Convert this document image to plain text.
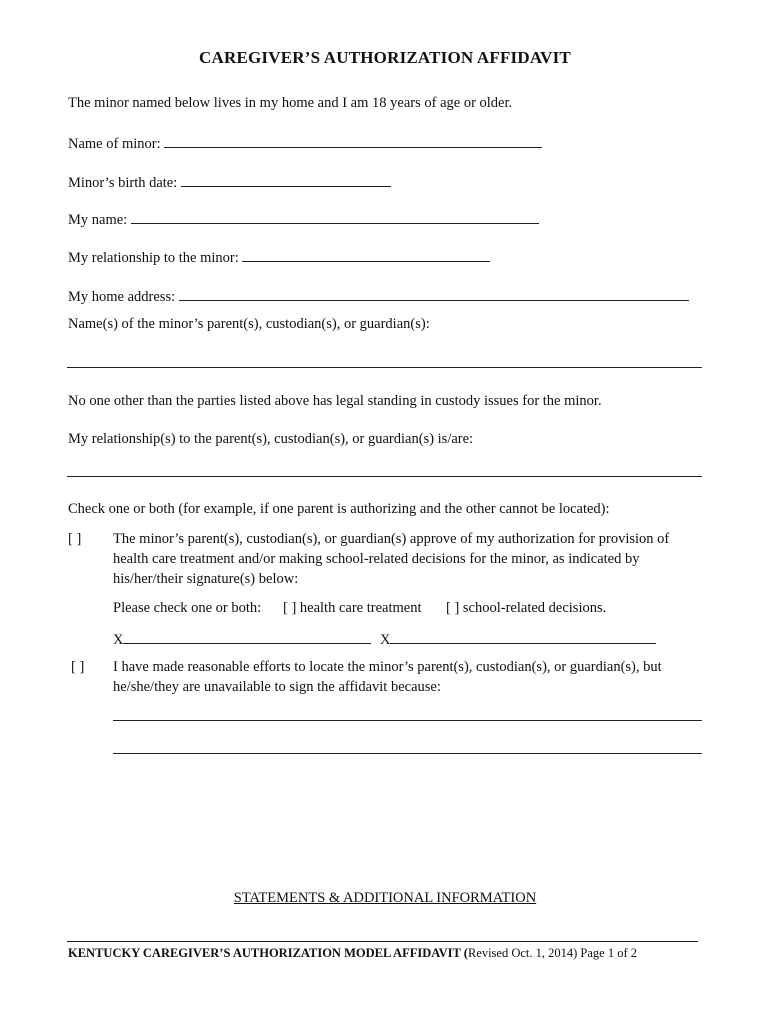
CAREGIVER’S AUTHORIZATION AFFIDAVIT
The minor named below lives in my home and I am 18 years of age or older.
Name of minor:
Minor’s birth date:
My name:
My relationship to the minor:
My home address:
Name(s) of the minor’s parent(s), custodian(s), or guardian(s):
No one other than the parties listed above has legal standing in custody issues for the minor.
My relationship(s) to the parent(s), custodian(s), or guardian(s) is/are:
Check one or both (for example, if one parent is authorizing and the other cannot be located):
[ ] The minor’s parent(s), custodian(s), or guardian(s) approve of my authorization for provision of
health care treatment and/or making school-related decisions for the minor, as indicated by
his/her/their signature(s) below:
Please check one or both: [ ] health care treatment [ ] school-related decisions.
X	X
[ ] I have made reasonable efforts to locate the minor’s parent(s), custodian(s), or guardian(s), but
he/she/they are unavailable to sign the affidavit because:
STATEMENTS & ADDITIONAL INFORMATION
KENTUCKY CAREGIVER’S AUTHORIZATION MODEL AFFIDAVIT (Revised Oct. 1, 2014) Page 1 of 2
